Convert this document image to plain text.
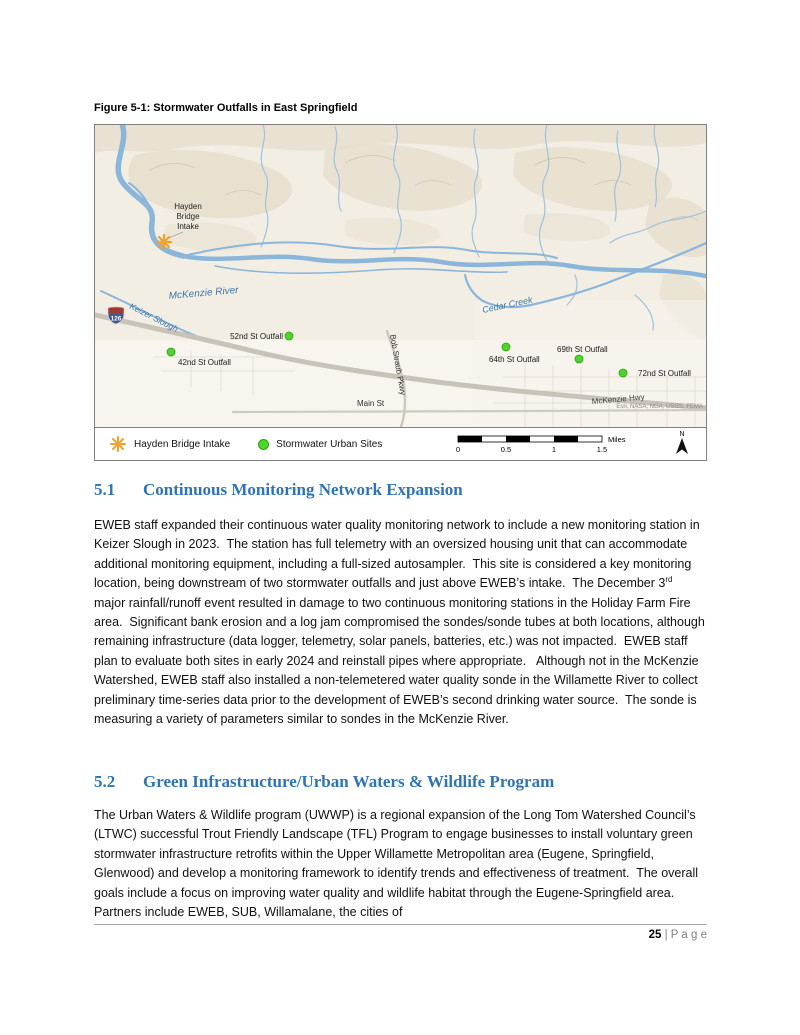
Figure 5-1: Stormwater Outfalls in East Springfield
126
Hayden
Bridge
Intake
McKenzie River
Cedar Creek
Keizer Slough
42nd St Outfall
52nd St Outfall
64th St Outfall
69th St Outfall
72nd St Outfall
Main St
Bob Straub Pkwy
Esri, NASA, NGA, USGS, FEMA
McKenzie Hwy
Hayden Bridge Intake	Stormwater Urban Sites	0	0.5	1	1.5
Miles
N
5.1 Continuous Monitoring Network Expansion

EWEB staff expanded their continuous water quality monitoring network to include a new monitoring station in Keizer Slough in 2023.  The station has full telemetry with an oversized housing unit that can accommodate additional monitoring equipment, including a full-sized autosampler.  This site is considered a key monitoring location, being downstream of two stormwater outfalls and just above EWEB’s intake.  The December 3rd major rainfall/runoff event resulted in damage to two continuous monitoring stations in the Holiday Farm Fire area.  Significant bank erosion and a log jam compromised the sondes/sonde tubes at both locations, although remaining infrastructure (data logger, telemetry, solar panels, batteries, etc.) was not impacted.  EWEB staff plan to evaluate both sites in early 2024 and reinstall pipes where appropriate.   Although not in the McKenzie Watershed, EWEB staff also installed a non-telemetered water quality sonde in the Willamette River to collect preliminary time-series data prior to the development of EWEB’s second drinking water source.  The sonde is measuring a variety of parameters similar to sondes in the McKenzie River.

5.2 Green Infrastructure/Urban Waters & Wildlife Program

The Urban Waters & Wildlife program (UWWP) is a regional expansion of the Long Tom Watershed Council’s (LTWC) successful Trout Friendly Landscape (TFL) Program to engage businesses to install voluntary green stormwater infrastructure retrofits within the Upper Willamette Metropolitan area (Eugene, Springfield, Glenwood) and develop a monitoring framework to identify trends and effectiveness of treatment.  The overall goals include a focus on improving water quality and wildlife habitat through the Eugene-Springfield area. Partners include EWEB, SUB, Willamalane, the cities of

25 | P a g e
